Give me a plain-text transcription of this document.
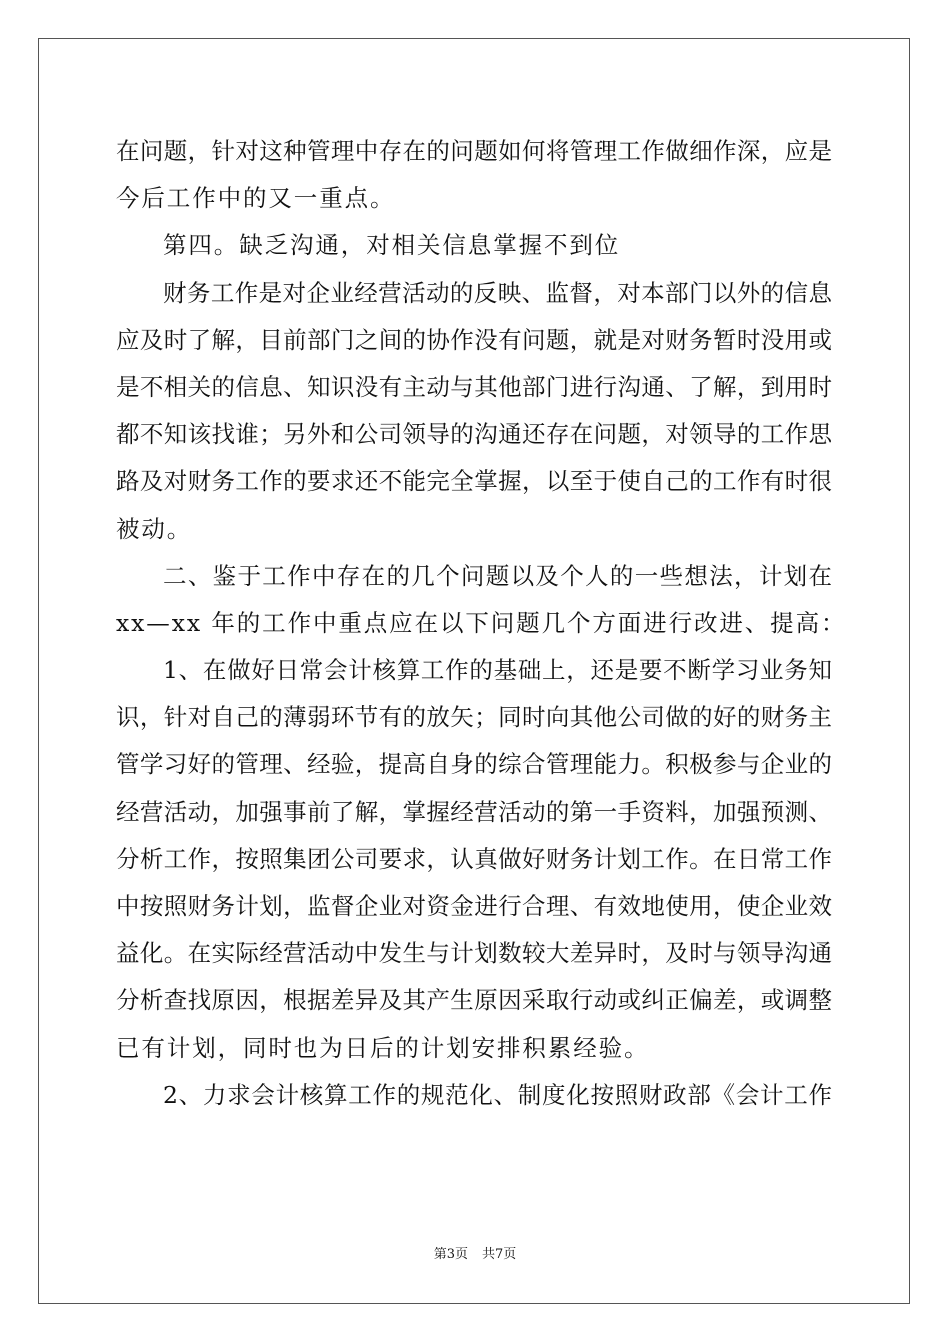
在问题，针对这种管理中存在的问题如何将管理工作做细作深，应是
今后工作中的又一重点。
第四。缺乏沟通，对相关信息掌握不到位
财务工作是对企业经营活动的反映、监督，对本部门以外的信息
应及时了解，目前部门之间的协作没有问题，就是对财务暂时没用或
是不相关的信息、知识没有主动与其他部门进行沟通、了解，到用时
都不知该找谁；另外和公司领导的沟通还存在问题，对领导的工作思
路及对财务工作的要求还不能完全掌握，以至于使自己的工作有时很
被动。
二、鉴于工作中存在的几个问题以及个人的一些想法，计划在
xx—xx 年的工作中重点应在以下问题几个方面进行改进、提高：
1、在做好日常会计核算工作的基础上，还是要不断学习业务知
识，针对自己的薄弱环节有的放矢；同时向其他公司做的好的财务主
管学习好的管理、经验，提高自身的综合管理能力。积极参与企业的
经营活动，加强事前了解，掌握经营活动的第一手资料，加强预测、
分析工作，按照集团公司要求，认真做好财务计划工作。在日常工作
中按照财务计划，监督企业对资金进行合理、有效地使用，使企业效
益化。在实际经营活动中发生与计划数较大差异时，及时与领导沟通
分析查找原因，根据差异及其产生原因采取行动或纠正偏差，或调整
已有计划，同时也为日后的计划安排积累经验。
2、力求会计核算工作的规范化、制度化按照财政部《会计工作
第3页 共7页
